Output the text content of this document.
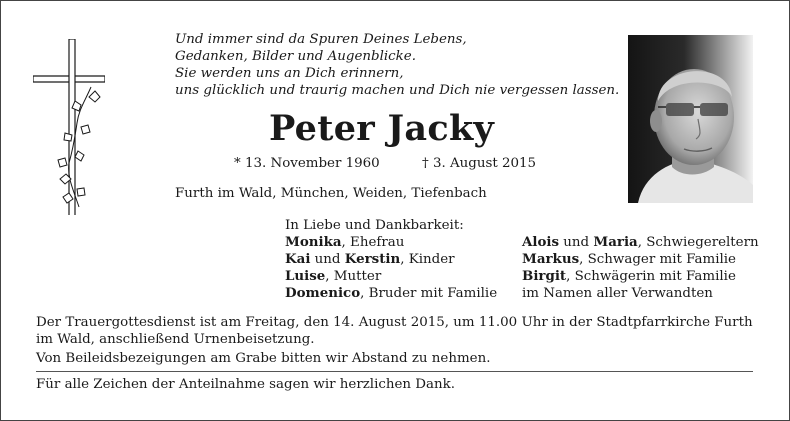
Und immer sind da Spuren Deines Lebens,
Gedanken, Bilder und Augenblicke.
Sie werden uns an Dich erinnern,
uns glücklich und traurig machen und Dich nie vergessen lassen.
Peter Jacky
* 13. November 1960	† 3. August 2015
Furth im Wald, München, Weiden, Tiefenbach
In Liebe und Dankbarkeit:
Monika, Ehefrau
Kai und Kerstin, Kinder
Luise, Mutter
Domenico, Bruder mit Familie
Alois und Maria, Schwiegereltern
Markus, Schwager mit Familie
Birgit, Schwägerin mit Familie
im Namen aller Verwandten
Der Trauergottesdienst ist am Freitag, den 14. August 2015, um 11.00 Uhr in der Stadtpfarrkirche Furth im Wald, anschließend Urnenbeisetzung.
Von Beileidsbezeigungen am Grabe bitten wir Abstand zu nehmen.
Für alle Zeichen der Anteilnahme sagen wir herzlichen Dank.
